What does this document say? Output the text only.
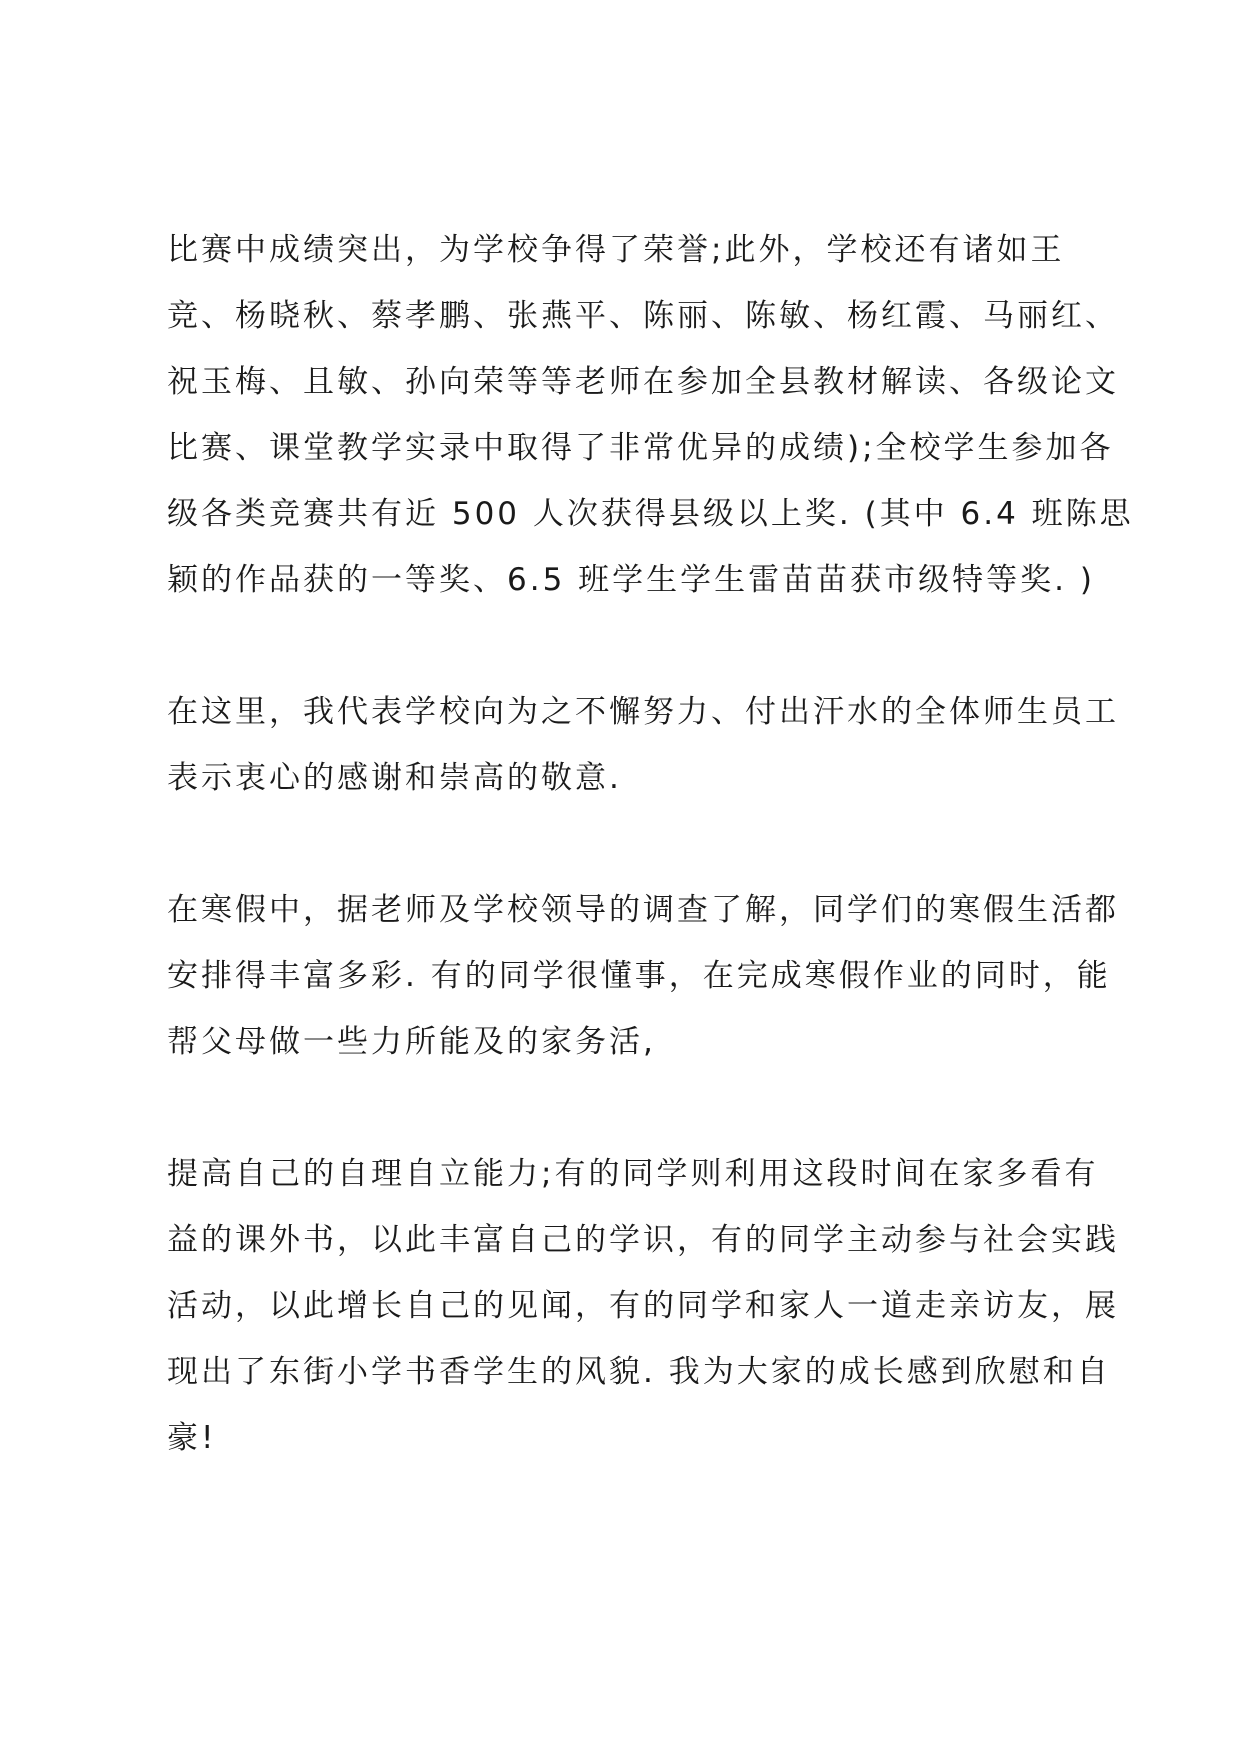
比赛中成绩突出，为学校争得了荣誉;此外，学校还有诸如王
竞、杨晓秋、蔡孝鹏、张燕平、陈丽、陈敏、杨红霞、马丽红、
祝玉梅、且敏、孙向荣等等老师在参加全县教材解读、各级论文
比赛、课堂教学实录中取得了非常优异的成绩);全校学生参加各
级各类竞赛共有近 500 人次获得县级以上奖. (其中 6.4 班陈思
颖的作品获的一等奖、6.5 班学生学生雷苗苗获市级特等奖. )
在这里，我代表学校向为之不懈努力、付出汗水的全体师生员工
表示衷心的感谢和崇高的敬意.
在寒假中，据老师及学校领导的调查了解，同学们的寒假生活都
安排得丰富多彩. 有的同学很懂事，在完成寒假作业的同时，能
帮父母做一些力所能及的家务活,
提高自己的自理自立能力;有的同学则利用这段时间在家多看有
益的课外书，以此丰富自己的学识，有的同学主动参与社会实践
活动，以此增长自己的见闻，有的同学和家人一道走亲访友，展
现出了东街小学书香学生的风貌. 我为大家的成长感到欣慰和自
豪!
